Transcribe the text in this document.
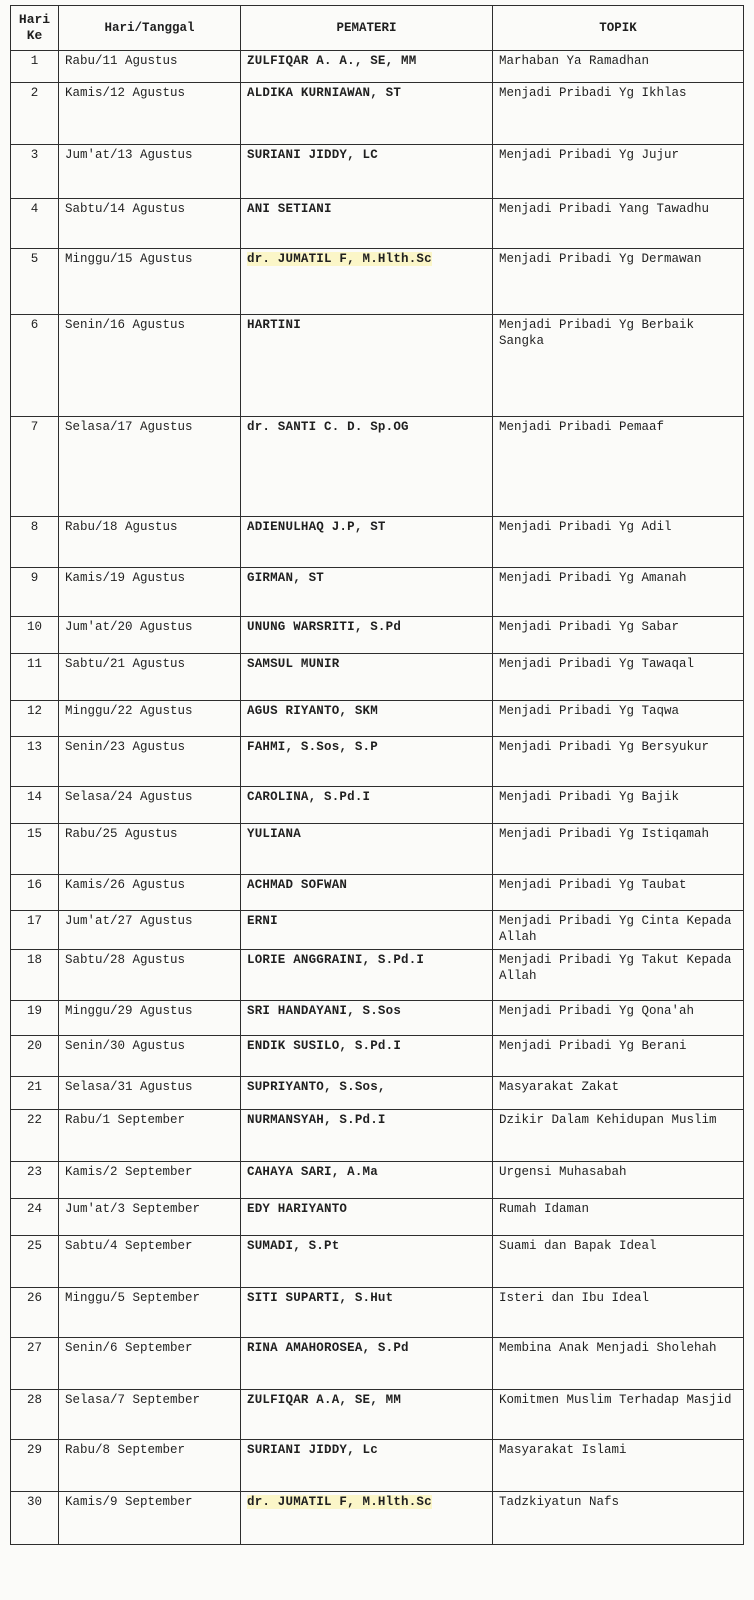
Hari Ke	Hari/Tanggal	PEMATERI	TOPIK
1	Rabu/11 Agustus	ZULFIQAR A. A., SE, MM	Marhaban Ya Ramadhan
2	Kamis/12 Agustus	ALDIKA KURNIAWAN, ST	Menjadi Pribadi Yg Ikhlas
3	Jum'at/13 Agustus	SURIANI JIDDY, LC	Menjadi Pribadi Yg Jujur
4	Sabtu/14 Agustus	ANI SETIANI	Menjadi Pribadi Yang Tawadhu
5	Minggu/15 Agustus	dr. JUMATIL F, M.Hlth.Sc	Menjadi Pribadi Yg Dermawan
6	Senin/16 Agustus	HARTINI	Menjadi Pribadi Yg Berbaik Sangka
7	Selasa/17 Agustus	dr. SANTI C. D. Sp.OG	Menjadi Pribadi Pemaaf
8	Rabu/18 Agustus	ADIENULHAQ J.P, ST	Menjadi Pribadi Yg Adil
9	Kamis/19 Agustus	GIRMAN, ST	Menjadi Pribadi Yg Amanah
10	Jum'at/20 Agustus	UNUNG WARSRITI, S.Pd	Menjadi Pribadi Yg Sabar
11	Sabtu/21 Agustus	SAMSUL MUNIR	Menjadi Pribadi Yg Tawaqal
12	Minggu/22 Agustus	AGUS RIYANTO, SKM	Menjadi Pribadi Yg Taqwa
13	Senin/23 Agustus	FAHMI, S.Sos, S.P	Menjadi Pribadi Yg Bersyukur
14	Selasa/24 Agustus	CAROLINA, S.Pd.I	Menjadi Pribadi Yg Bajik
15	Rabu/25 Agustus	YULIANA	Menjadi Pribadi Yg Istiqamah
16	Kamis/26 Agustus	ACHMAD SOFWAN	Menjadi Pribadi Yg Taubat
17	Jum'at/27 Agustus	ERNI	Menjadi Pribadi Yg Cinta Kepada Allah
18	Sabtu/28 Agustus	LORIE ANGGRAINI, S.Pd.I	Menjadi Pribadi Yg Takut Kepada Allah
19	Minggu/29 Agustus	SRI HANDAYANI, S.Sos	Menjadi Pribadi Yg Qona'ah
20	Senin/30 Agustus	ENDIK SUSILO, S.Pd.I	Menjadi Pribadi Yg Berani
21	Selasa/31 Agustus	SUPRIYANTO, S.Sos,	Masyarakat Zakat
22	Rabu/1 September	NURMANSYAH, S.Pd.I	Dzikir Dalam Kehidupan Muslim
23	Kamis/2 September	CAHAYA SARI, A.Ma	Urgensi Muhasabah
24	Jum'at/3 September	EDY HARIYANTO	Rumah Idaman
25	Sabtu/4 September	SUMADI, S.Pt	Suami dan Bapak Ideal
26	Minggu/5 September	SITI SUPARTI, S.Hut	Isteri dan Ibu Ideal
27	Senin/6 September	RINA AMAHOROSEA, S.Pd	Membina Anak Menjadi Sholehah
28	Selasa/7 September	ZULFIQAR A.A, SE, MM	Komitmen Muslim Terhadap Masjid
29	Rabu/8 September	SURIANI JIDDY, Lc	Masyarakat Islami
30	Kamis/9 September	dr. JUMATIL F, M.Hlth.Sc	Tadzkiyatun Nafs
